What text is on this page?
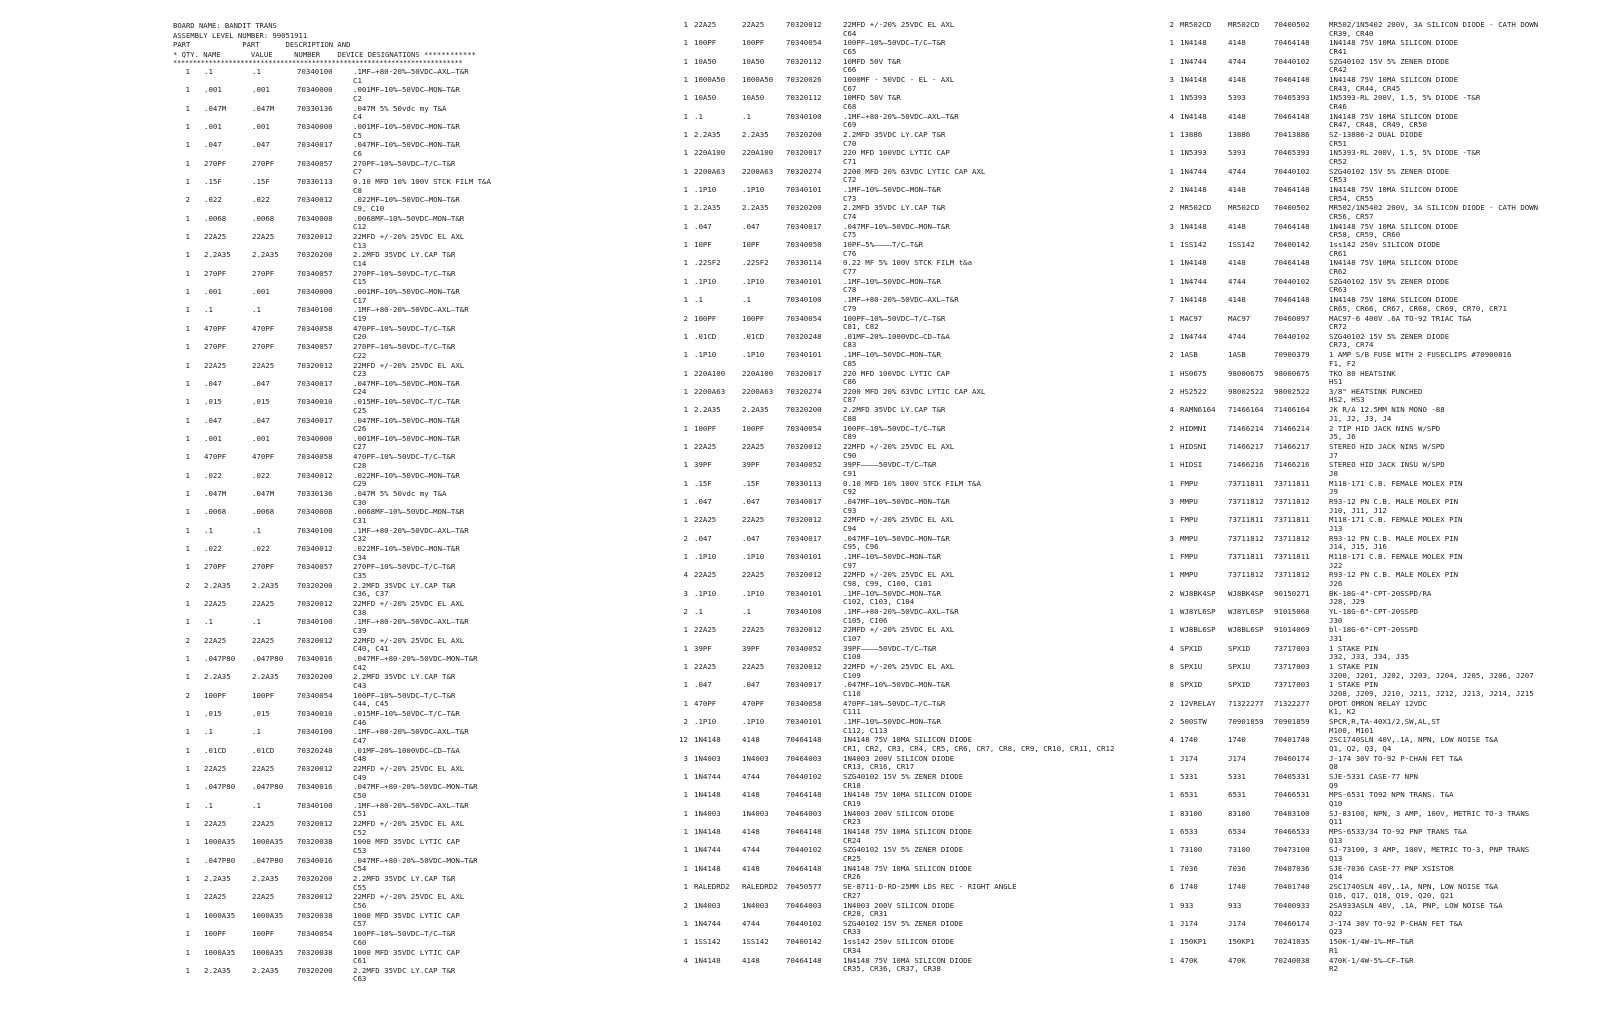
BOARD NAME: BANDIT TRANS
ASSEMBLY LEVEL NUMBER: 99051911
PART            PART      DESCRIPTION AND
* QTY. NAME       VALUE     NUMBER    DEVICE DESIGNATIONS ************
*************************************************************************
1 .1	.1	70340100	.1MF—+80-20%—50VDC—AXL—T&R
C1
1 .001	.001	70340000	.001MF—10%—50VDC—MON—T&R
C2
1 .047M	.047M	70330136	.047M 5% 50vdc my T&A
C4
1 .001	.001	70340000	.001MF—10%—50VDC—MON—T&R
C5
1 .047	.047	70340017	.047MF—10%—50VDC—MON—T&R
C6
1 270PF	270PF	70340057	270PF—10%—50VDC—T/C—T&R
C7
1 .15F	.15F	70330113	0.10 MFD 10% 100V STCK FILM T&A
C8
2 .022	.022	70340012	.022MF—10%—50VDC—MON—T&R
C9, C10
1 .0068	.0068	70340008	.0068MF—10%—50VDC—MON—T&R
C12
1 22A25	22A25	70320012	22MFD +/-20% 25VDC EL AXL
C13
1 2.2A35	2.2A35 70320200	2.2MFD 35VDC LY.CAP T&R
C14
1 270PF	270PF	70340057	270PF—10%—50VDC—T/C—T&R
C15
1 .001	.001	70340000	.001MF—10%—50VDC—MON—T&R
C17
1 .1	.1	70340100	.1MF—+80-20%—50VDC—AXL—T&R
C19
1 470PF	470PF	70340058	470PF—10%—50VDC—T/C—T&R
C20
1 270PF	270PF	70340057	270PF—10%—50VDC—T/C—T&R
C22
1 22A25	22A25	70320012	22MFD +/-20% 25VDC EL AXL
C23
1 .047	.047	70340017	.047MF—10%—50VDC—MON—T&R
C24
1 .015	.015	70340010	.015MF—10%—50VDC—T/C—T&R
C25
1 .047	.047	70340017	.047MF—10%—50VDC—MON—T&R
C26
1 .001	.001	70340000	.001MF—10%—50VDC—MON—T&R
C27
1 470PF	470PF	70340058	470PF—10%—50VDC—T/C—T&R
C28
1 .022	.022	70340012	.022MF—10%—50VDC—MON—T&R
C29
1 .047M	.047M	70330136	.047M 5% 50vdc my T&A
C30
1 .0068	.0068	70340008	.0068MF—10%—50VDC—MON—T&R
C31
1 .1	.1	70340100	.1MF—+80-20%—50VDC—AXL—T&R
C32
1 .022	.022	70340012	.022MF—10%—50VDC—MON—T&R
C34
1 270PF	270PF	70340057	270PF—10%—50VDC—T/C—T&R
C35
2 2.2A35	2.2A35 70320200	2.2MFD 35VDC LY.CAP T&R
C36, C37
1 22A25	22A25	70320012	22MFD +/-20% 25VDC EL AXL
C38
1 .1	.1	70340100	.1MF—+80-20%—50VDC—AXL—T&R
C39
2 22A25	22A25	70320012	22MFD +/-20% 25VDC EL AXL
C40, C41
1 .047P80 .047P80 70340016	.047MF—+80-20%—50VDC—MON—T&R
C42
1 2.2A35	2.2A35 70320200	2.2MFD 35VDC LY.CAP T&R
C43
2 100PF	100PF	70340054	100PF—10%—50VDC—T/C—T&R
C44, C45
1 .015	.015	70340010	.015MF—10%—50VDC—T/C—T&R
C46
1 .1	.1	70340100	.1MF—+80-20%—50VDC—AXL—T&R
C47
1 .01CD	.01CD	70320248	.01MF—20%—1000VDC—CD—T&A
C48
1 22A25	22A25	70320012	22MFD +/-20% 25VDC EL AXL
C49
1 .047P80 .047P80 70340016	.047MF—+80-20%—50VDC—MON—T&R
C50
1 .1	.1	70340100	.1MF—+80-20%—50VDC—AXL—T&R
C51
1 22A25	22A25	70320012	22MFD +/-20% 25VDC EL AXL
C52
1 1000A35 1000A35 70320038	1000 MFD 35VDC LYTIC CAP
C53
1 .047P80 .047P80 70340016	.047MF—+80-20%—50VDC—MON—T&R
C54
1 2.2A35	2.2A35 70320200	2.2MFD 35VDC LY.CAP T&R
C55
1 22A25	22A25	70320012	22MFD +/-20% 25VDC EL AXL
C56
1 1000A35 1000A35 70320038	1000 MFD 35VDC LYTIC CAP
C57
1 100PF	100PF	70340054	100PF—10%—50VDC—T/C—T&R
C60
1 1000A35 1000A35 70320038	1000 MFD 35VDC LYTIC CAP
C61
1 2.2A35	2.2A35 70320200	2.2MFD 35VDC LY.CAP T&R
C63
1 22A25	22A25	70320012	22MFD +/-20% 25VDC EL AXL
C64
1 100PF	100PF	70340054	100PF—10%—50VDC—T/C—T&R
C65
1 10A50	10A50	70320112	10MFD 50V T&R
C66
1 1000A50 1000A50 70320026	1000MF - 50VDC - EL - AXL
C67
1 10A50	10A50	70320112	10MFD 50V T&R
C68
1 .1	.1	70340100	.1MF—+80-20%—50VDC—AXL—T&R
C69
1 2.2A35	2.2A35 70320200	2.2MFD 35VDC LY.CAP T&R
C70
1 220A100 220A100 70320017	220 MFD 100VDC LYTIC CAP
C71
1 2200A63 2200A63 70320274	2200 MFD 20% 63VDC LYTIC CAP AXL
C72
1 .1P10	.1P10	70340101	.1MF—10%—50VDC—MON—T&R
C73
1 2.2A35	2.2A35 70320200	2.2MFD 35VDC LY.CAP T&R
C74
1 .047	.047	70340017	.047MF—10%—50VDC—MON—T&R
C75
1 10PF	10PF	70340050	10PF—5%————T/C—T&R
C76
1 .22SF2	.22SF2 70330114	0.22 MF 5% 100V STCK FILM t&a
C77
1 .1P10	.1P10	70340101	.1MF—10%—50VDC—MON—T&R
C78
1 .1	.1	70340100	.1MF—+80-20%—50VDC—AXL—T&R
C79
2 100PF	100PF	70340054	100PF—10%—50VDC—T/C—T&R
C81, C82
1 .01CD	.01CD	70320248	.01MF—20%—1000VDC—CD—T&A
C83
1 .1P10	.1P10	70340101	.1MF—10%—50VDC—MON—T&R
C85
1 220A100 220A100 70320017	220 MFD 100VDC LYTIC CAP
C86
1 2200A63 2200A63 70320274	2200 MFD 20% 63VDC LYTIC CAP AXL
C87
1 2.2A35	2.2A35 70320200	2.2MFD 35VDC LY.CAP T&R
C88
1 100PF	100PF	70340054	100PF—10%—50VDC—T/C—T&R
C89
1 22A25	22A25	70320012	22MFD +/-20% 25VDC EL AXL
C90
1 39PF	39PF	70340052	39PF————50VDC—T/C—T&R
C91
1 .15F	.15F	70330113	0.10 MFD 10% 100V STCK FILM T&A
C92
1 .047	.047	70340017	.047MF—10%—50VDC—MON—T&R
C93
1 22A25	22A25	70320012	22MFD +/-20% 25VDC EL AXL
C94
2 .047	.047	70340017	.047MF—10%—50VDC—MON—T&R
C95, C96
1 .1P10	.1P10	70340101	.1MF—10%—50VDC—MON—T&R
C97
4 22A25	22A25	70320012	22MFD +/-20% 25VDC EL AXL
C98, C99, C100, C101
3 .1P10	.1P10	70340101	.1MF—10%—50VDC—MON—T&R
C102, C103, C104
2 .1	.1	70340100	.1MF—+80-20%—50VDC—AXL—T&R
C105, C106
1 22A25	22A25	70320012	22MFD +/-20% 25VDC EL AXL
C107
1 39PF	39PF	70340052	39PF————50VDC—T/C—T&R
C108
1 22A25	22A25	70320012	22MFD +/-20% 25VDC EL AXL
C109
1 .047	.047	70340017	.047MF—10%—50VDC—MON—T&R
C110
1 470PF	470PF	70340058	470PF—10%—50VDC—T/C—T&R
C111
2 .1P10	.1P10	70340101	.1MF—10%—50VDC—MON—T&R
C112, C113
12 1N4148	4148	70464148	1N4148 75V 10MA SILICON DIODE
CR1, CR2, CR3, CR4, CR5, CR6, CR7, CR8, CR9, CR10, CR11, CR12
3 1N4003	1N4003 70464003	1N4003 200V SILICON DIODE
CR13, CR16, CR17
1 1N4744	4744	70440102	SZG40102 15V 5% ZENER DIODE
CR18
1 1N4148	4148	70464148	1N4148 75V 10MA SILICON DIODE
CR19
1 1N4003	1N4003 70464003	1N4003 200V SILICON DIODE
CR23
1 1N4148	4148	70464148	1N4148 75V 10MA SILICON DIODE
CR24
1 1N4744	4744	70440102	SZG40102 15V 5% ZENER DIODE
CR25
1 1N4148	4148	70464148	1N4148 75V 10MA SILICON DIODE
CR26
1 RALEDRD2 RALEDRD2 70450577	SE-8711-D-RD-25MM LDS REC - RIGHT ANGLE
CR27
2 1N4003	1N4003 70464003	1N4003 200V SILICON DIODE
CR28, CR31
1 1N4744	4744	70440102	SZG40102 15V 5% ZENER DIODE
CR33
1 1SS142	1SS142 70400142	1ss142 250v SILICON DIODE
CR34
4 1N4148	4148	70464148	1N4148 75V 10MA SILICON DIODE
CR35, CR36, CR37, CR38
2 MR502CD MR502CD 70400502	MR502/1N5402 200V, 3A SILICON DIODE - CATH DOWN
CR39, CR40
1 1N4148	4148	70464148	1N4148 75V 10MA SILICON DIODE
CR41
1 1N4744	4744	70440102	SZG40102 15V 5% ZENER DIODE
CR42
3 1N4148	4148	70464148	1N4148 75V 10MA SILICON DIODE
CR43, CR44, CR45
1 1N5393	5393	70465393	1N5393-RL 200V, 1.5, 5% DIODE -T&R
CR46
4 1N4148	4148	70464148	1N4148 75V 10MA SILICON DIODE
CR47, CR48, CR49, CR50
1 13886	13886	70413886	SZ-13886-2 DUAL DIODE
CR51
1 1N5393	5393	70465393	1N5393-RL 200V, 1.5, 5% DIODE -T&R
CR52
1 1N4744	4744	70440102	SZG40102 15V 5% ZENER DIODE
CR53
2 1N4148	4148	70464148	1N4148 75V 10MA SILICON DIODE
CR54, CR55
2 MR502CD MR502CD 70400502	MR502/1N5402 200V, 3A SILICON DIODE - CATH DOWN
CR56, CR57
3 1N4148	4148	70464148	1N4148 75V 10MA SILICON DIODE
CR58, CR59, CR60
1 1SS142	1SS142	70400142	1ss142 250v SILICON DIODE
CR61
1 1N4148	4148	70464148	1N4148 75V 10MA SILICON DIODE
CR62
1 1N4744	4744	70440102	SZG40102 15V 5% ZENER DIODE
CR63
7 1N4148	4148	70464148	1N4148 75V 10MA SILICON DIODE
CR65, CR66, CR67, CR68, CR69, CR70, CR71
1 MAC97	MAC97	70460097	MAC97-6 400V .6A TO-92 TRIAC T&A
CR72
2 1N4744	4744	70440102	SZG40102 15V 5% ZENER DIODE
CR73, CR74
2 1ASB	1ASB	70900379	1 AMP S/B FUSE WITH 2 FUSECLIPS #70900816
F1, F2
1 HS0675	98000675 98000675	TKO 80 HEATSINK
HS1
2 HS2522	98002522 98002522	3/8" HEATSINK PUNCHED
HS2, HS3
4 RAMN6164 71466164 71466164	JK R/A 12.5MM NIN MONO -88
J1, J2, J3, J4
2 HIDMNI	71466214 71466214	2 TIP HID JACK NINS W/SPD
J5, J6
1 HIDSNI	71466217 71466217	STEREO HID JACK NINS W/SPD
J7
1 HIDSI	71466216 71466216	STEREO HID JACK INSU W/SPD
J8
1 FMPU	73711811 73711811	M118-171 C.B. FEMALE MOLEX PIN
J9
3 MMPU	73711812 73711812	R93-12 PN C.B. MALE MOLEX PIN
J10, J11, J12
1 FMPU	73711811 73711811	M118-171 C.B. FEMALE MOLEX PIN
J13
3 MMPU	73711812 73711812	R93-12 PN C.B. MALE MOLEX PIN
J14, J15, J16
1 FMPU	73711811 73711811	M118-171 C.B. FEMALE MOLEX PIN
J22
1 MMPU	73711812 73711812	R93-12 PN C.B. MALE MOLEX PIN
J26
2 WJ8BK4SP WJ8BK4SP 90150271	BK-18G-4"-CPT-20SSPD/RA
J28, J29
1 WJ8YL6SP WJ8YL6SP 91015068	YL-18G-6"-CPT-20SSPD
J30
1 WJ8BL6SP WJ8BL6SP 91014069	bl-18G-6"-CPT-20SSPD
J31
4 SPX1D	SPX1D	73717003	1 STAKE PIN
J32, J33, J34, J35
8 SPX1U	SPX1U	73717003	1 STAKE PIN
J200, J201, J202, J203, J204, J205, J206, J207
8 SPX1D	SPX1D	73717003	1 STAKE PIN
J208, J209, J210, J211, J212, J213, J214, J215
2 12VRELAY 71322277 71322277	DPDT OMRON RELAY 12VDC
K1, K2
2 500STW	70901859 70901859	SPCR,R,TA-40X1/2,SW,AL,ST
M100, M101
4 1740	1740	70401740	2SC1740SLN 40V,.1A, NPN, LOW NOISE T&A
Q1, Q2, Q3, Q4
1 J174	J174	70460174	J-174 30V TO-92 P-CHAN FET T&A
Q8
1 5331	5331	70405331	SJE-5331 CASE-77 NPN
Q9
1 6531	6531	70466531	MPS-6531 TO92 NPN TRANS. T&A
Q10
1 83100	83100	70483100	SJ-83100, NPN, 3 AMP, 100V, METRIC TO-3 TRANS
Q11
1 6533	6534	70466533	MPS-6533/34 TO-92 PNP TRANS T&A
Q13
1 73100	73100	70473100	SJ-73100, 3 AMP, 100V, METRIC TO-3, PNP TRANS
Q13
1 7036	7036	70407036	SJE-7036 CASE-77 PNP XSISTOR
Q14
6 1740	1740	70401740	2SC1740SLN 40V,.1A, NPN, LOW NOISE T&A
Q16, Q17, Q18, Q19, Q20, Q21
1 933	933	70400933	2SA933ASLN 40V, .1A, PNP, LOW NOISE T&A
Q22
1 J174	J174	70460174	J-174 30V TO-92 P-CHAN FET T&A
Q23
1 150KP1	150KP1	70241035	150K-1/4W-1%—MF—T&R
R1
1 470K	470K	70240038	470K-1/4W-5%—CF—T&R
R2
